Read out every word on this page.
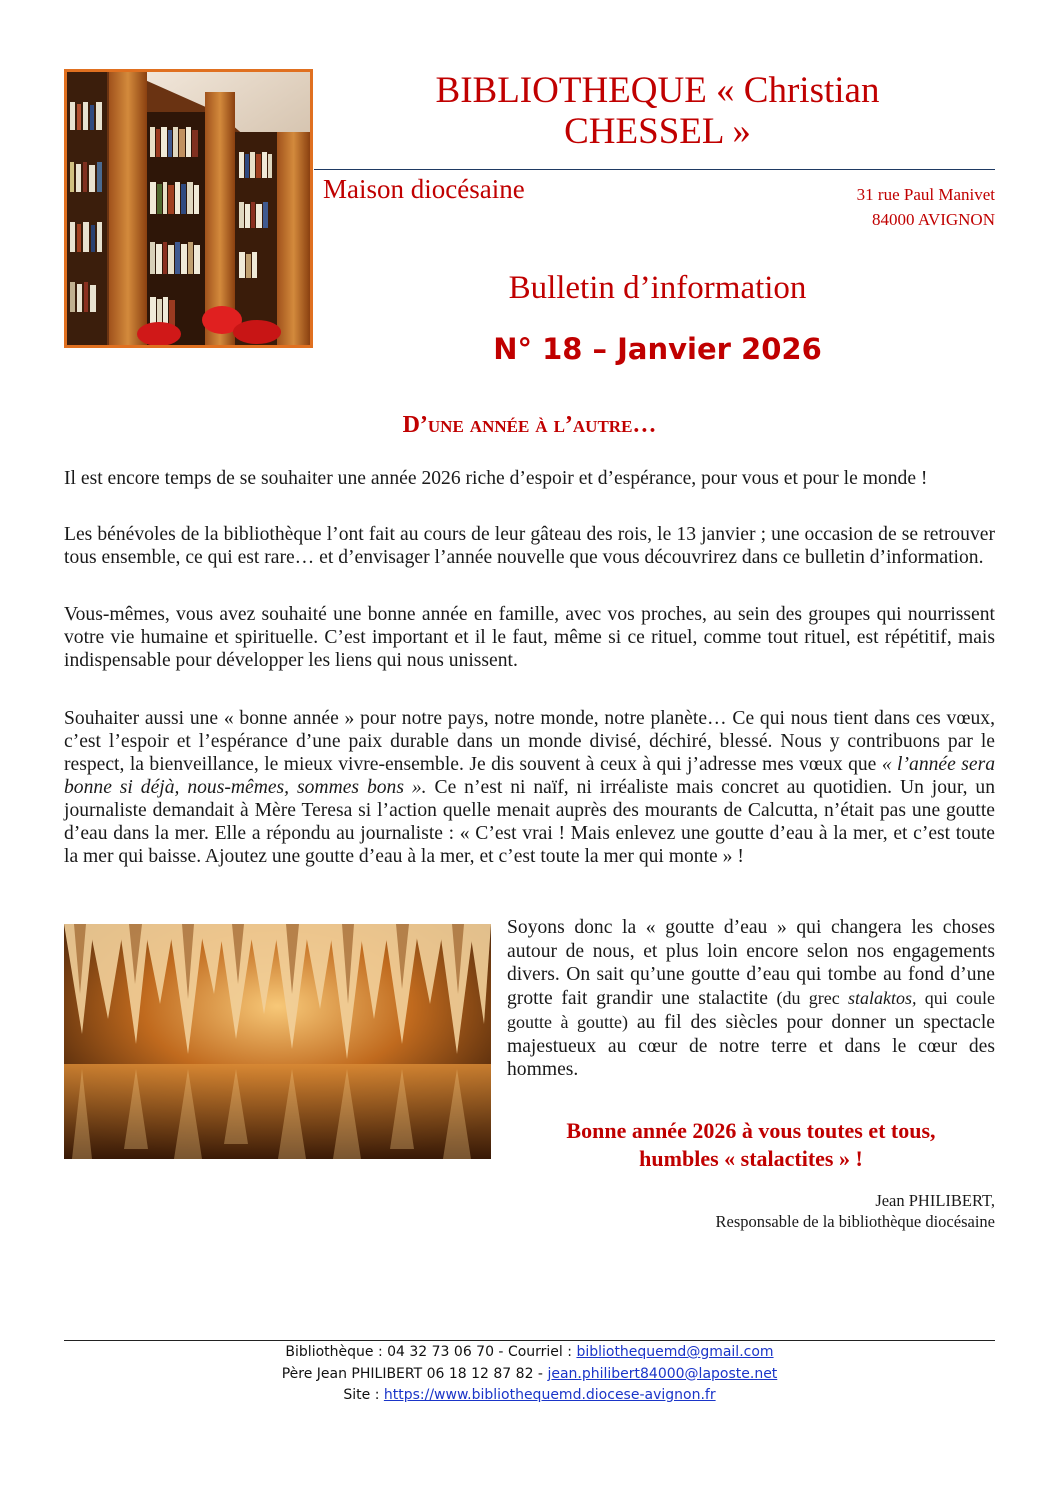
BIBLIOTHEQUE « Christian
CHESSEL »
Maison diocésaine	31 rue Paul Manivet
84000 AVIGNON
Bulletin d’information
N° 18 – Janvier 2026
D’une année à l’autre…

Il est encore temps de se souhaiter une année 2026 riche d’espoir et d’espérance, pour vous et pour le monde !

Les bénévoles de la bibliothèque l’ont fait au cours de leur gâteau des rois, le 13 janvier ; une occasion de se retrouver tous ensemble, ce qui est rare… et d’envisager l’année nouvelle que vous découvrirez dans ce bulletin d’information.

Vous-mêmes, vous avez souhaité une bonne année en famille, avec vos proches, au sein des groupes qui nourrissent votre vie humaine et spirituelle. C’est important et il le faut, même si ce rituel, comme tout rituel, est répétitif, mais indispensable pour développer les liens qui nous unissent.

Souhaiter aussi une « bonne année » pour notre pays, notre monde, notre planète… Ce qui nous tient dans ces vœux, c’est l’espoir et l’espérance d’une paix durable dans un monde divisé, déchiré, blessé. Nous y contribuons par le respect, la bienveillance, le mieux vivre-ensemble. Je dis souvent à ceux à qui j’adresse mes vœux que « l’année sera bonne si déjà, nous-mêmes, sommes bons ». Ce n’est ni naïf, ni irréaliste mais concret au quotidien. Un jour, un journaliste demandait à Mère Teresa si l’action quelle menait auprès des mourants de Calcutta, n’était pas une goutte d’eau dans la mer. Elle a répondu au journaliste : « C’est vrai ! Mais enlevez une goutte d’eau à la mer, et c’est toute la mer qui baisse. Ajoutez une goutte d’eau à la mer, et c’est toute la mer qui monte » !

Soyons donc la « goutte d’eau » qui changera les choses autour de nous, et plus loin encore selon nos engagements divers. On sait qu’une goutte d’eau qui tombe au fond d’une grotte fait grandir une stalactite (du grec stalaktos, qui coule goutte à goutte) au fil des siècles pour donner un spectacle majestueux au cœur de notre terre et dans le cœur des hommes.

Bonne année 2026 à vous toutes et tous,
humbles « stalactites » !
Jean PHILIBERT,
Responsable de la bibliothèque diocésaine
Bibliothèque : 04 32 73 06 70 - Courriel : bibliothequemd@gmail.com
Père Jean PHILIBERT 06 18 12 87 82 - jean.philibert84000@laposte.net
Site : https://www.bibliothequemd.diocese-avignon.fr
